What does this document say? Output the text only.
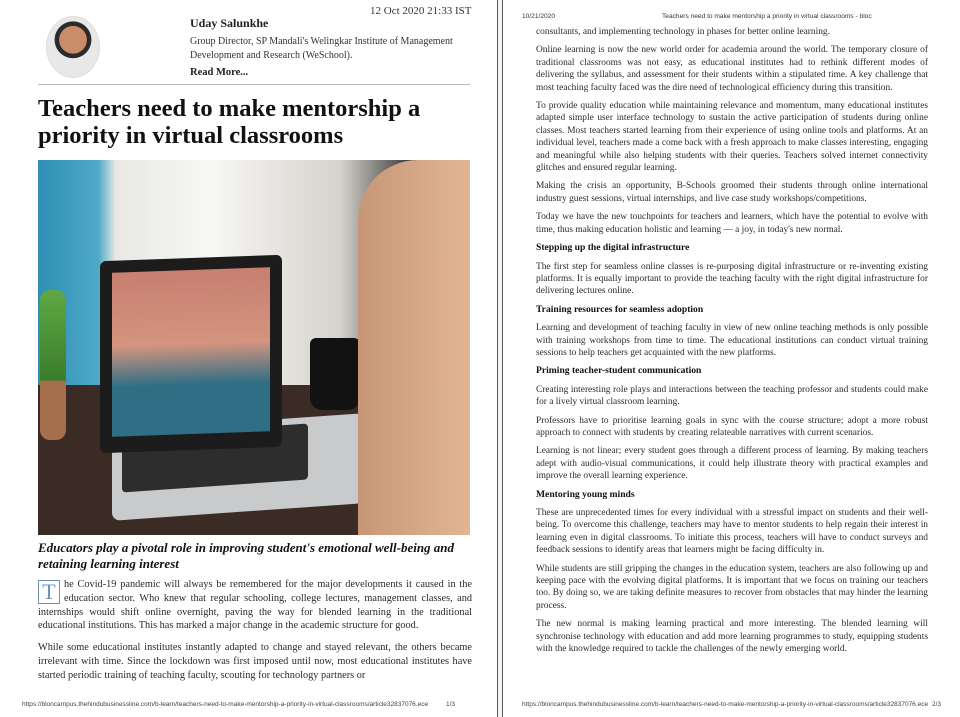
12 Oct 2020 21:33 IST
Uday Salunkhe
Group Director, SP Mandali's Welingkar Institute of Management Development and Research (WeSchool).
Read More...
Teachers need to make mentorship a priority in virtual classrooms

Educators play a pivotal role in improving student's emotional well-being and retaining learning interest

T he Covid-19 pandemic will always be remembered for the major developments it caused in the education sector. Who knew that regular schooling, college lectures, management classes, and internships would shift online overnight, paving the way for blended learning in the traditional educational institutions. This has marked a major change in the academic structure for good.

While some educational institutes instantly adapted to change and stayed relevant, the others became irrelevant with time. Since the lockdown was first imposed until now, most educational institutes have started periodic training of teaching faculty, scouting for technology partners or

https://bloncampus.thehindubusinessline.com/b-learn/teachers-need-to-make-mentorship-a-priority-in-virtual-classrooms/article32837076.ece	1/3
10/21/2020	Teachers need to make mentorship a priority in virtual classrooms - bloc

consultants, and implementing technology in phases for better online learning.

Online learning is now the new world order for academia around the world. The temporary closure of traditional classrooms was not easy, as educational institutes had to rethink different modes of delivering the syllabus, and assessment for their students within a stipulated time. A key challenge that most teaching faculty faced was the dire need of technological efficiency during this transition.

To provide quality education while maintaining relevance and momentum, many educational institutes adapted simple user interface technology to sustain the active participation of students during online classes. Most teachers started learning from their experience of using online tools and platforms. At an individual level, teachers made a come back with a fresh approach to make classes interesting, engaging and meaningful while also helping students with their queries. Teachers solved internet connectivity glitches and ensured regular learning.

Making the crisis an opportunity, B-Schools groomed their students through online international industry guest sessions, virtual internships, and live case study workshops/competitions.

Today we have the new touchpoints for teachers and learners, which have the potential to evolve with time, thus making education holistic and learning — a joy, in today's new normal.

Stepping up the digital infrastructure

The first step for seamless online classes is re-purposing digital infrastructure or re-inventing existing platforms. It is equally important to provide the teaching faculty with the right digital infrastructure for delivering lectures online.

Training resources for seamless adoption

Learning and development of teaching faculty in view of new online teaching methods is only possible with training workshops from time to time. The educational institutions can conduct virtual training sessions to help teachers get acquainted with the new platforms.

Priming teacher-student communication

Creating interesting role plays and interactions between the teaching professor and students could make for a lively virtual classroom learning.

Professors have to prioritise learning goals in sync with the course structure; adopt a more robust approach to connect with students by creating relateable narratives with current scenarios.

Learning is not linear; every student goes through a different process of learning. By making teachers adept with audio-visual communications, it could help illustrate theory with practical examples and improve the overall learning experience.

Mentoring young minds

These are unprecedented times for every individual with a stressful impact on students and their well-being. To overcome this challenge, teachers may have to mentor students to help regain their interest in learning even in digital classrooms. To initiate this process, teachers will have to conduct surveys and feedback sessions to identify areas that learners might be facing difficulty in.

While students are still gripping the changes in the education system, teachers are also following up and keeping pace with the evolving digital platforms. It is important that we focus on training our teachers too. By doing so, we are taking definite measures to recover from obstacles that may hinder the learning process.

The new normal is making learning practical and more interesting. The blended learning will synchronise technology with education and add more learning programmes to study, equipping students with the knowledge required to tackle the challenges of the newly emerging world.

https://bloncampus.thehindubusinessline.com/b-learn/teachers-need-to-make-mentorship-a-priority-in-virtual-classrooms/article32837076.ece 2/3
